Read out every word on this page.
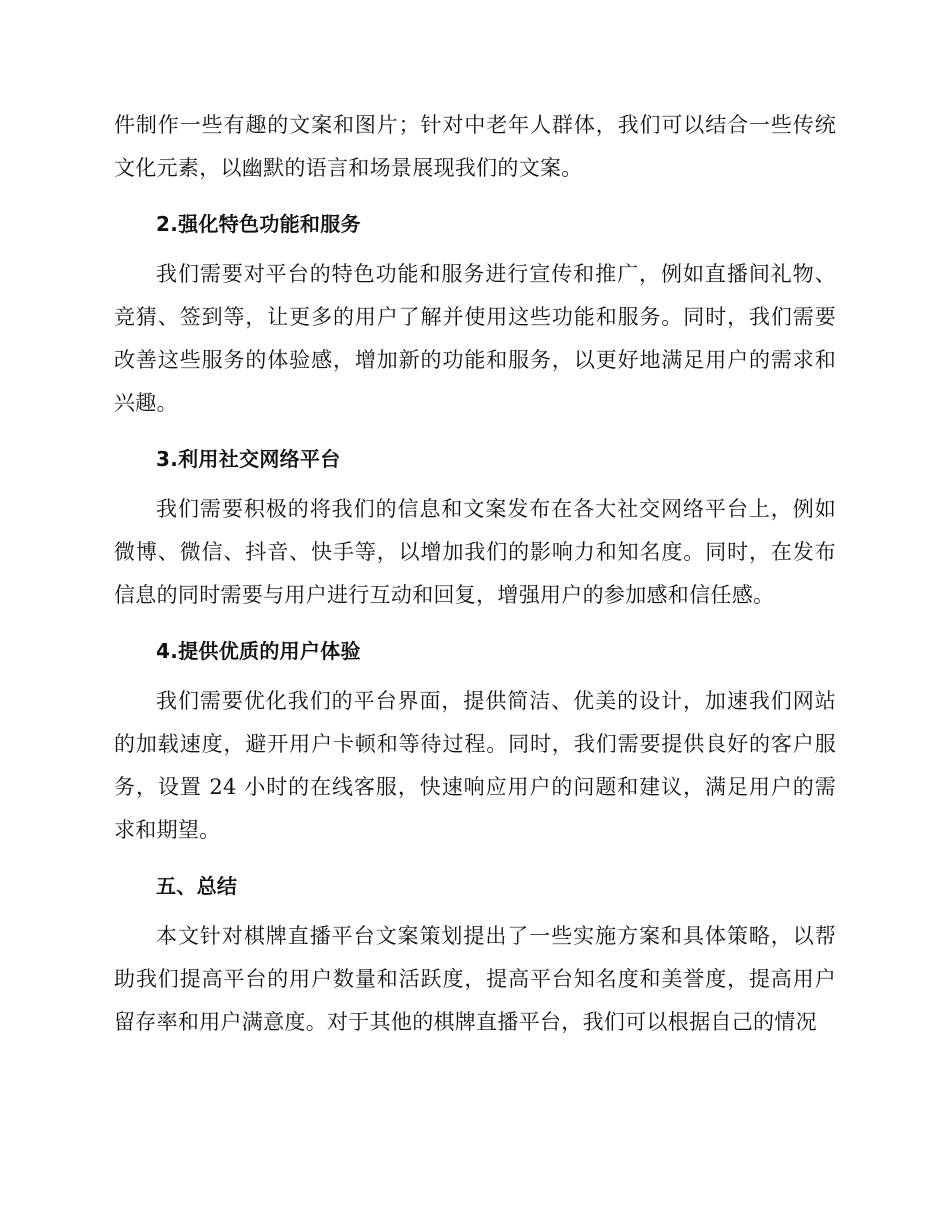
件制作一些有趣的文案和图片；针对中老年人群体，我们可以结合一些传统文化元素，以幽默的语言和场景展现我们的文案。

2.强化特色功能和服务

我们需要对平台的特色功能和服务进行宣传和推广，例如直播间礼物、竞猜、签到等，让更多的用户了解并使用这些功能和服务。同时，我们需要改善这些服务的体验感，增加新的功能和服务，以更好地满足用户的需求和兴趣。

3.利用社交网络平台

我们需要积极的将我们的信息和文案发布在各大社交网络平台上，例如微博、微信、抖音、快手等，以增加我们的影响力和知名度。同时，在发布信息的同时需要与用户进行互动和回复，增强用户的参加感和信任感。

4.提供优质的用户体验

我们需要优化我们的平台界面，提供简洁、优美的设计，加速我们网站的加载速度，避开用户卡顿和等待过程。同时，我们需要提供良好的客户服务，设置 24 小时的在线客服，快速响应用户的问题和建议，满足用户的需求和期望。

五、总结

本文针对棋牌直播平台文案策划提出了一些实施方案和具体策略，以帮助我们提高平台的用户数量和活跃度，提高平台知名度和美誉度，提高用户留存率和用户满意度。对于其他的棋牌直播平台，我们可以根据自己的情况
